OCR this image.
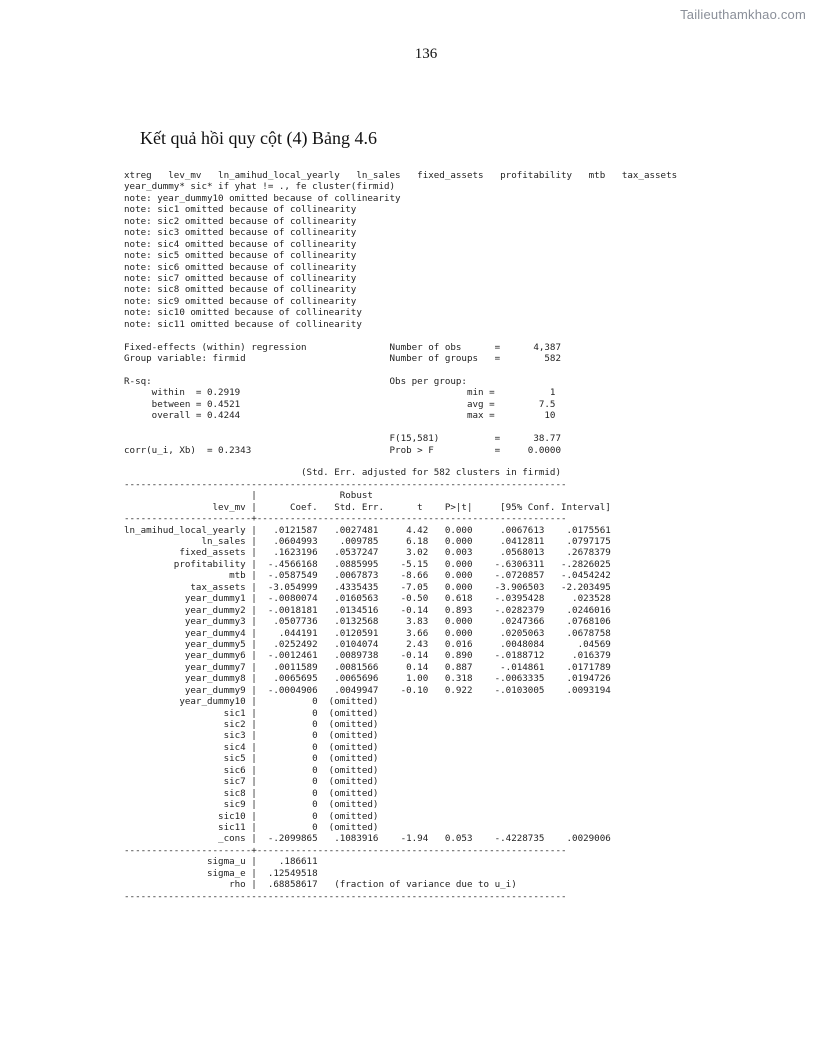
Tailieuthamkhao.com
136
Kết quả hồi quy cột (4) Bảng 4.6
xtreg   lev_mv   ln_amihud_local_yearly   ln_sales   fixed_assets   profitability   mtb   tax_assets
year_dummy* sic* if yhat != ., fe cluster(firmid)
note: year_dummy10 omitted because of collinearity
note: sic1 omitted because of collinearity
note: sic2 omitted because of collinearity
note: sic3 omitted because of collinearity
note: sic4 omitted because of collinearity
note: sic5 omitted because of collinearity
note: sic6 omitted because of collinearity
note: sic7 omitted because of collinearity
note: sic8 omitted because of collinearity
note: sic9 omitted because of collinearity
note: sic10 omitted because of collinearity
note: sic11 omitted because of collinearity
Fixed-effects (within) regression               Number of obs      =      4,387
Group variable: firmid                          Number of groups   =        582
R-sq:                                           Obs per group:
within  = 0.2919                                         min =          1
between = 0.4521                                         avg =        7.5
overall = 0.4244                                         max =         10
F(15,581)          =      38.77
corr(u_i, Xb)  = 0.2343                         Prob > F           =     0.0000
(Std. Err. adjusted for 582 clusters in firmid)
--------------------------------------------------------------------------------
|               Robust
lev_mv |      Coef.   Std. Err.      t    P>|t|     [95% Conf. Interval]
-----------------------+--------------------------------------------------------
ln_amihud_local_yearly |   .0121587   .0027481     4.42   0.000     .0067613    .0175561
ln_sales |   .0604993    .009785     6.18   0.000     .0412811    .0797175
fixed_assets |   .1623196   .0537247     3.02   0.003     .0568013    .2678379
profitability |  -.4566168   .0885995    -5.15   0.000    -.6306311   -.2826025
mtb |  -.0587549   .0067873    -8.66   0.000    -.0720857   -.0454242
tax_assets |  -3.054999   .4335435    -7.05   0.000    -3.906503   -2.203495
year_dummy1 |  -.0080074   .0160563    -0.50   0.618    -.0395428     .023528
year_dummy2 |  -.0018181   .0134516    -0.14   0.893    -.0282379    .0246016
year_dummy3 |   .0507736   .0132568     3.83   0.000     .0247366    .0768106
year_dummy4 |    .044191   .0120591     3.66   0.000     .0205063    .0678758
year_dummy5 |   .0252492   .0104074     2.43   0.016     .0048084      .04569
year_dummy6 |  -.0012461   .0089738    -0.14   0.890    -.0188712     .016379
year_dummy7 |   .0011589   .0081566     0.14   0.887     -.014861    .0171789
year_dummy8 |   .0065695   .0065696     1.00   0.318    -.0063335    .0194726
year_dummy9 |  -.0004906   .0049947    -0.10   0.922    -.0103005    .0093194
year_dummy10 |          0  (omitted)
sic1 |          0  (omitted)
sic2 |          0  (omitted)
sic3 |          0  (omitted)
sic4 |          0  (omitted)
sic5 |          0  (omitted)
sic6 |          0  (omitted)
sic7 |          0  (omitted)
sic8 |          0  (omitted)
sic9 |          0  (omitted)
sic10 |          0  (omitted)
sic11 |          0  (omitted)
_cons |  -.2099865   .1083916    -1.94   0.053    -.4228735    .0029006
-----------------------+--------------------------------------------------------
sigma_u |    .186611
sigma_e |  .12549518
rho |  .68858617   (fraction of variance due to u_i)
--------------------------------------------------------------------------------
